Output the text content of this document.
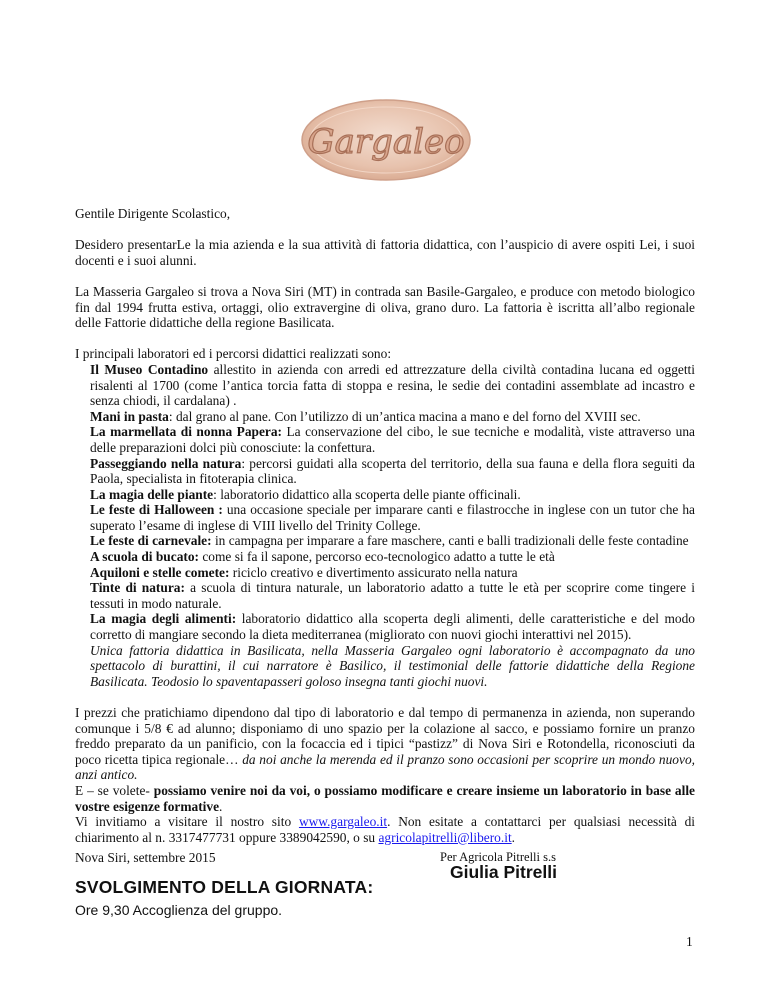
Gargaleo

Gentile Dirigente Scolastico,

Desidero presentarLe la mia azienda e la sua attività di fattoria didattica, con l’auspicio di avere ospiti Lei, i suoi docenti e i suoi alunni.

La Masseria Gargaleo si trova a Nova Siri (MT) in contrada san Basile-Gargaleo, e produce con metodo biologico fin dal 1994 frutta estiva, ortaggi, olio extravergine di oliva, grano duro. La fattoria è iscritta all’albo regionale delle Fattorie didattiche della regione Basilicata.

I principali laboratori ed i percorsi didattici realizzati sono:

Il Museo Contadino allestito in azienda con arredi ed attrezzature della civiltà contadina lucana ed oggetti risalenti al 1700 (come l’antica torcia fatta di stoppa e resina, le sedie dei contadini assemblate ad incastro e senza chiodi, il cardalana) .

Mani in pasta: dal grano al pane. Con l’utilizzo di un’antica macina a mano e del forno del XVIII sec.

La marmellata di nonna Papera: La conservazione del cibo, le sue tecniche e modalità, viste attraverso una delle preparazioni dolci più conosciute: la confettura.

Passeggiando nella natura: percorsi guidati alla scoperta del territorio, della sua fauna e della flora seguiti da Paola, specialista in fitoterapia clinica.

La magia delle piante: laboratorio didattico alla scoperta delle piante officinali.

Le feste di Halloween : una occasione speciale per imparare canti e filastrocche in inglese con un tutor che ha superato l’esame di inglese di VIII livello del Trinity College.

Le feste di carnevale: in campagna per imparare a fare maschere, canti e balli tradizionali delle feste contadine

A scuola di bucato: come si fa il sapone, percorso eco-tecnologico adatto a tutte le età

Aquiloni e stelle comete: riciclo creativo e divertimento assicurato nella natura

Tinte di natura: a scuola di tintura naturale, un laboratorio adatto a tutte le età per scoprire come tingere i tessuti in modo naturale.

La magia degli alimenti: laboratorio didattico alla scoperta degli alimenti, delle caratteristiche e del modo corretto di mangiare secondo la dieta mediterranea (migliorato con nuovi giochi interattivi nel 2015).

Unica fattoria didattica in Basilicata, nella Masseria Gargaleo ogni laboratorio è accompagnato da uno spettacolo di burattini, il cui narratore è Basilico, il testimonial delle fattorie didattiche della Regione Basilicata. Teodosio lo spaventapasseri goloso insegna tanti giochi nuovi.

I prezzi che pratichiamo dipendono dal tipo di laboratorio e dal tempo di permanenza in azienda, non superando comunque i 5/8 € ad alunno; disponiamo di uno spazio per la colazione al sacco, e possiamo fornire un pranzo freddo preparato da un panificio, con la focaccia ed i tipici “pastizz” di Nova Siri e Rotondella, riconosciuti da poco ricetta tipica regionale… da noi anche la merenda ed il pranzo sono occasioni per scoprire un mondo nuovo, anzi antico.

E – se volete- possiamo venire noi da voi, o possiamo modificare e creare insieme un laboratorio in base alle vostre esigenze formative.

Vi invitiamo a visitare il nostro sito www.gargaleo.it. Non esitate a contattarci per qualsiasi necessità di chiarimento al n. 3317477731 oppure 3389042590, o su agricolapitrelli@libero.it.

Nova Siri, settembre 2015	Per Agricola Pitrelli s.s
Giulia Pitrelli
SVOLGIMENTO DELLA GIORNATA:
Ore 9,30 Accoglienza del gruppo.
1
